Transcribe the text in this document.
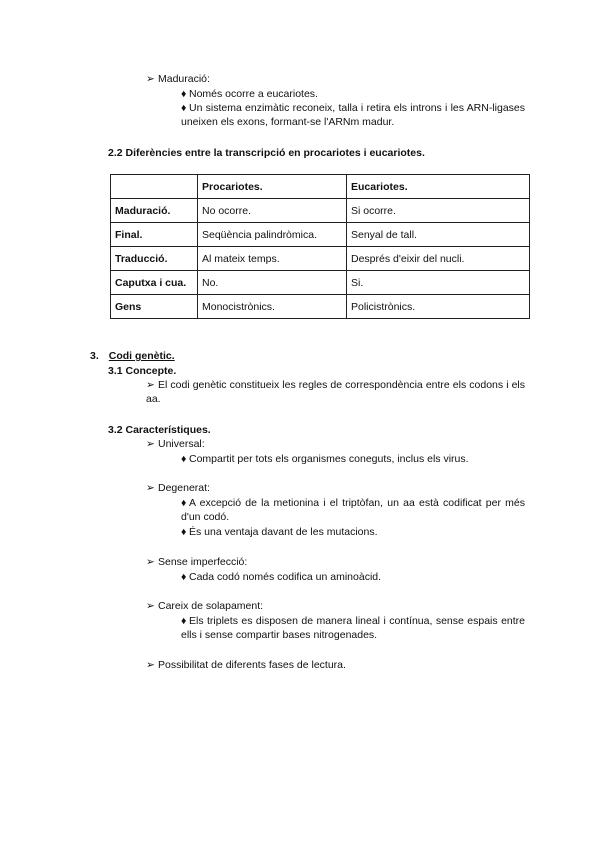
➢ Maduració:
♦ Només ocorre a eucariotes.
♦ Un sistema enzimàtic reconeix, talla i retira els introns i les ARN-ligases uneixen els exons, formant-se l'ARNm madur.
2.2 Diferències entre la transcripció en procariotes i eucariotes.
	Procariotes.	Eucariotes.
Maduració.	No ocorre.	Si ocorre.
Final.	Seqüència palindròmica.	Senyal de tall.
Traducció.	Al mateix temps.	Després d'eixir del nucli.
Caputxa i cua.	No.	Si.
Gens	Monocistrònics.	Policistrònics.
3. Codi genètic.
3.1 Concepte.
➢ El codi genètic constitueix les regles de correspondència entre els codons i els aa.
3.2 Característiques.
➢ Universal:
♦ Compartit per tots els organismes coneguts, inclus els virus.
➢ Degenerat:
♦ A excepció de la metionina i el triptòfan, un aa està codificat per més d'un codó.
♦ És una ventaja davant de les mutacions.
➢ Sense imperfecció:
♦ Cada codó només codifica un aminoàcid.
➢ Careix de solapament:
♦ Els triplets es disposen de manera lineal i contínua, sense espais entre ells i sense compartir bases nitrogenades.
➢ Possibilitat de diferents fases de lectura.
